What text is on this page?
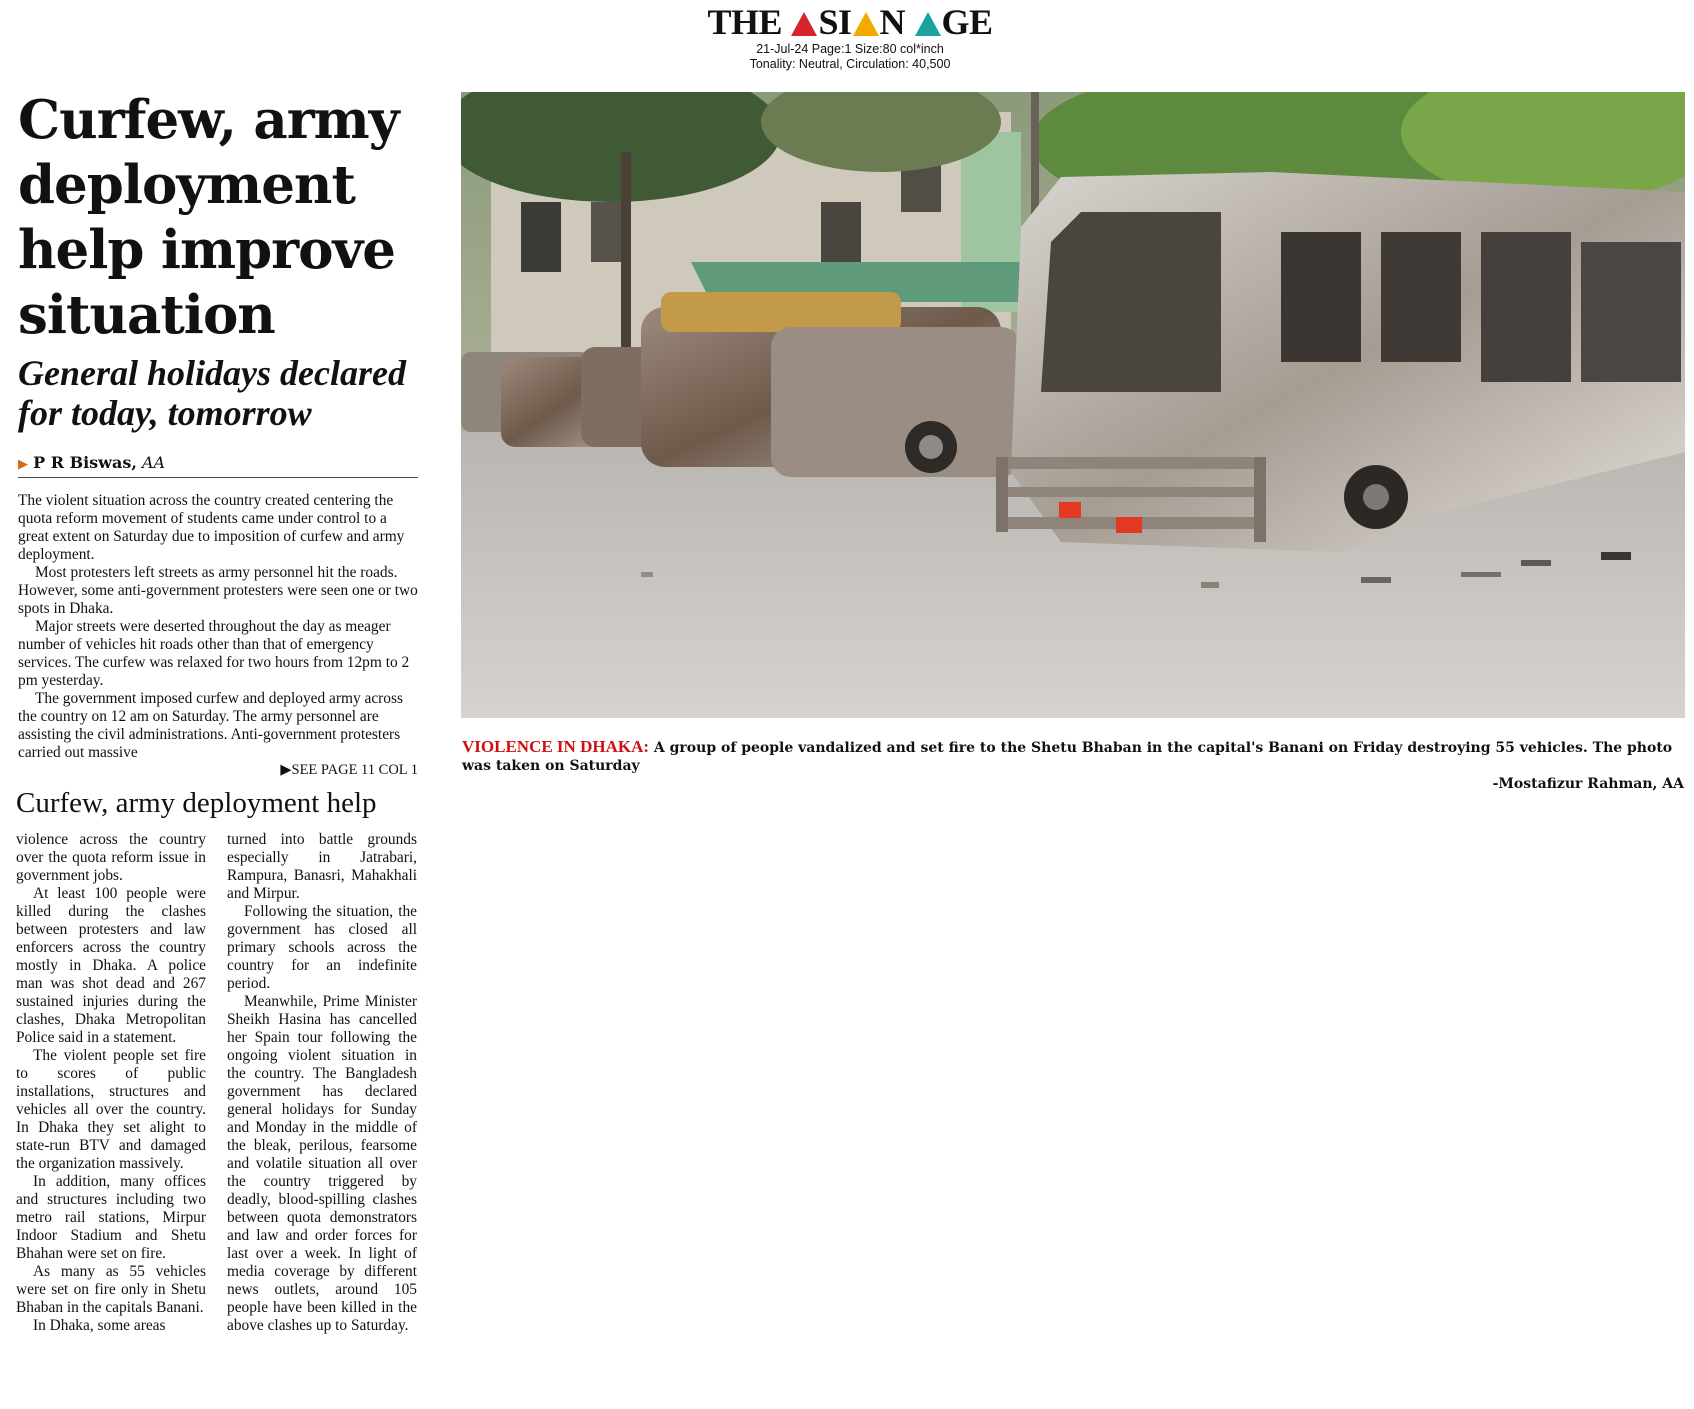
THE SI N GE
21-Jul-24 Page:1 Size:80 col*inch
Tonality: Neutral, Circulation: 40,500
Curfew, army deployment help improve situation
General holidays declared for today, tomorrow
▶ P R Biswas, AA

The violent situation across the country created centering the quota reform movement of students came under control to a great extent on Saturday due to imposition of curfew and army deployment.

Most protesters left streets as army personnel hit the roads. However, some anti-government protesters were seen one or two spots in Dhaka.

Major streets were deserted throughout the day as meager number of vehicles hit roads other than that of emergency services. The curfew was relaxed for two hours from 12pm to 2 pm yesterday.

The government imposed curfew and deployed army across the country on 12 am on Saturday. The army personnel are assisting the civil administrations. Anti-government protesters carried out massive

▶SEE PAGE 11 COL 1
Curfew, army deployment help

violence across the country over the quota reform issue in government jobs.

At least 100 people were killed during the clashes between protesters and law enforcers across the country mostly in Dhaka. A police man was shot dead and 267 sustained injuries during the clashes, Dhaka Metropolitan Police said in a statement.

The violent people set fire to scores of public installations, structures and vehicles all over the country. In Dhaka they set alight to state-run BTV and damaged the organization massively.

In addition, many offices and structures including two metro rail stations, Mirpur Indoor Stadium and Shetu Bhahan were set on fire.

As many as 55 vehicles were set on fire only in Shetu Bhaban in the capitals Banani.

In Dhaka, some areas

turned into battle grounds especially in Jatrabari, Rampura, Banasri, Mahakhali and Mirpur.

Following the situation, the government has closed all primary schools across the country for an indefinite period.

Meanwhile, Prime Minister Sheikh Hasina has cancelled her Spain tour following the ongoing violent situation in the country. The Bangladesh government has declared general holidays for Sunday and Monday in the middle of the bleak, perilous, fearsome and volatile situation all over the country triggered by deadly, blood-spilling clashes between quota demonstrators and law and order forces for last over a week. In light of media coverage by different news outlets, around 105 people have been killed in the above clashes up to Saturday.

VIOLENCE IN DHAKA: A group of people vandalized and set fire to the Shetu Bhaban in the capital's Banani on Friday destroying 55 vehicles. The photo was taken on Saturday
-Mostafizur Rahman, AA
